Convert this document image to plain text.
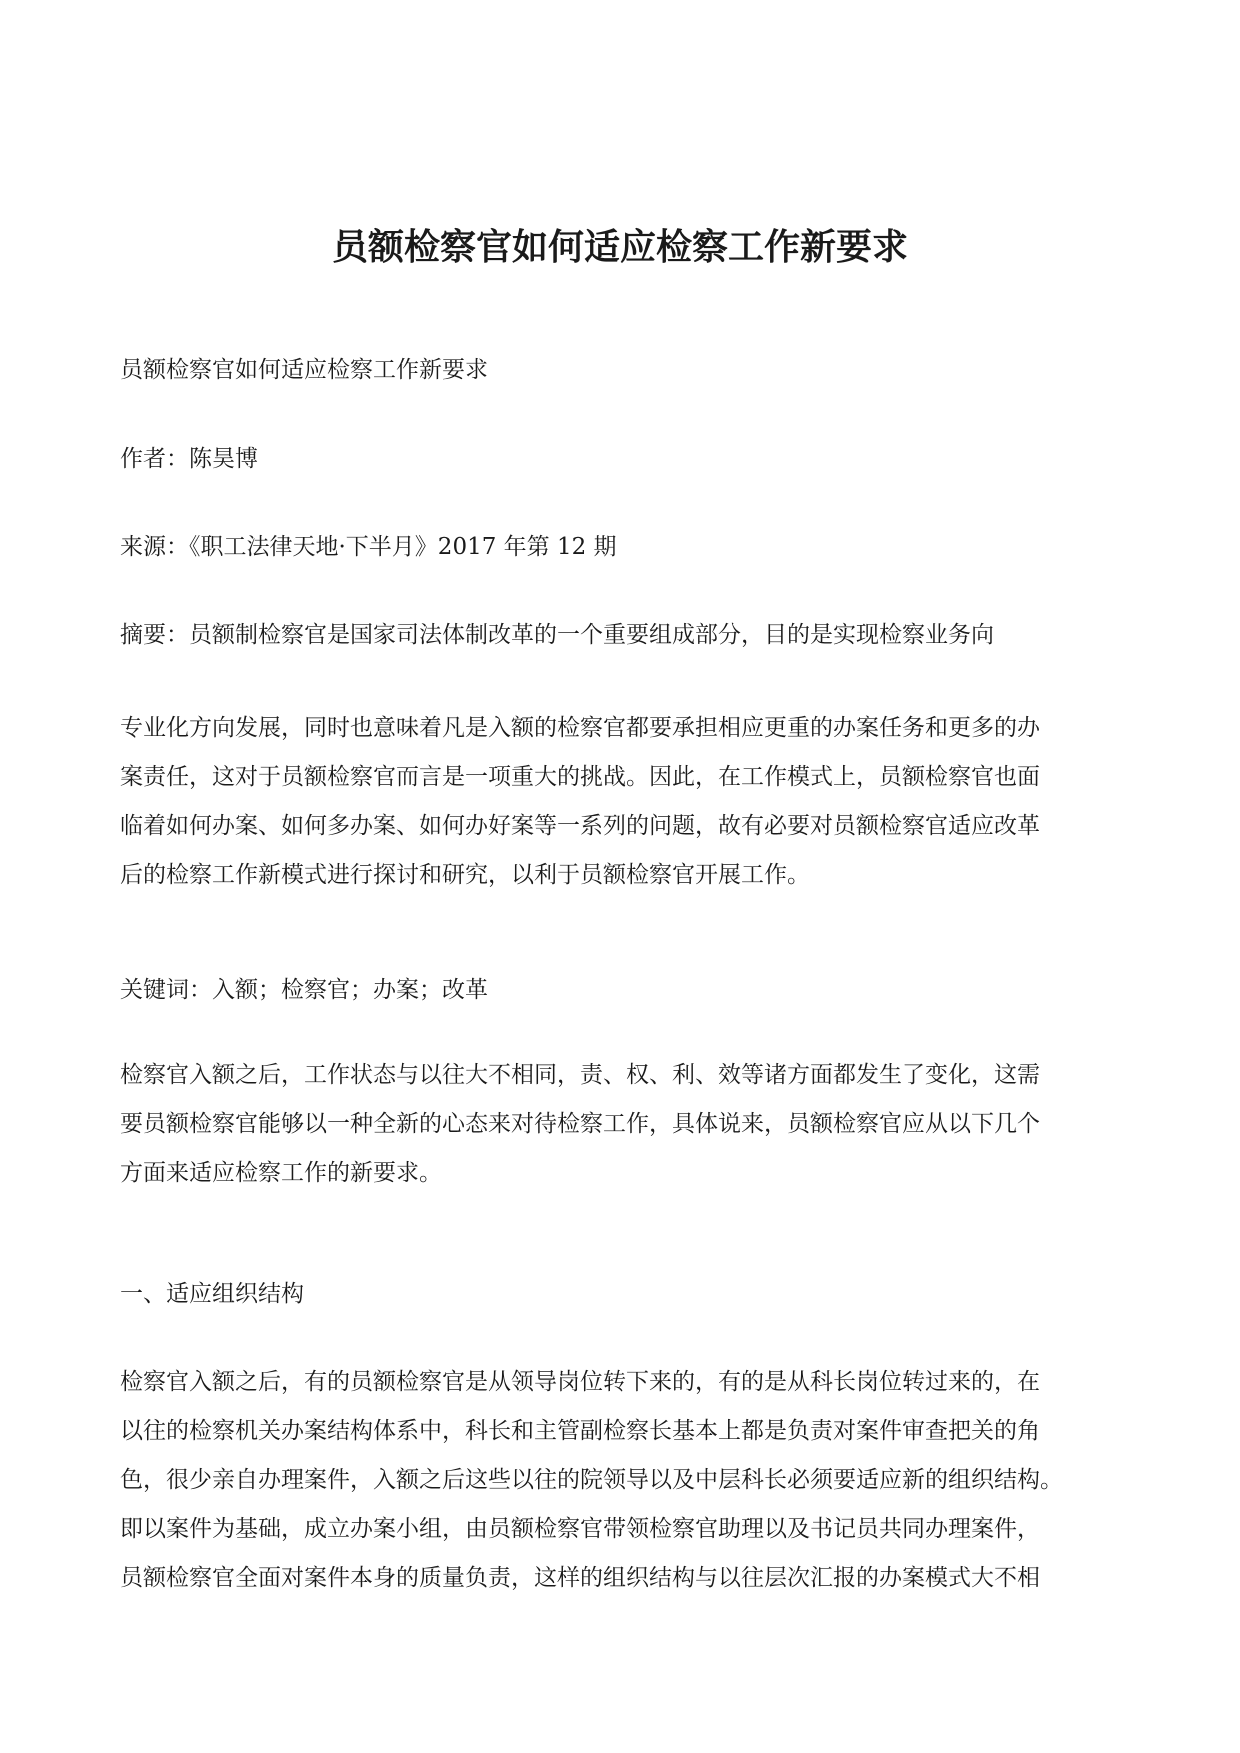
员额检察官如何适应检察工作新要求

员额检察官如何适应检察工作新要求

作者：陈昊博

来源：《职工法律天地·下半月》2017 年第 12 期

摘要：员额制检察官是国家司法体制改革的一个重要组成部分，目的是实现检察业务向

专业化方向发展，同时也意味着凡是入额的检察官都要承担相应更重的办案任务和更多的办
案责任，这对于员额检察官而言是一项重大的挑战。因此，在工作模式上，员额检察官也面
临着如何办案、如何多办案、如何办好案等一系列的问题，故有必要对员额检察官适应改革
后的检察工作新模式进行探讨和研究，以利于员额检察官开展工作。

关键词：入额；检察官；办案；改革

检察官入额之后，工作状态与以往大不相同，责、权、利、效等诸方面都发生了变化，这需
要员额检察官能够以一种全新的心态来对待检察工作，具体说来，员额检察官应从以下几个
方面来适应检察工作的新要求。

一、适应组织结构

检察官入额之后，有的员额检察官是从领导岗位转下来的，有的是从科长岗位转过来的，在
以往的检察机关办案结构体系中，科长和主管副检察长基本上都是负责对案件审查把关的角
色，很少亲自办理案件，入额之后这些以往的院领导以及中层科长必须要适应新的组织结构。
即以案件为基础，成立办案小组，由员额检察官带领检察官助理以及书记员共同办理案件，
员额检察官全面对案件本身的质量负责，这样的组织结构与以往层次汇报的办案模式大不相
